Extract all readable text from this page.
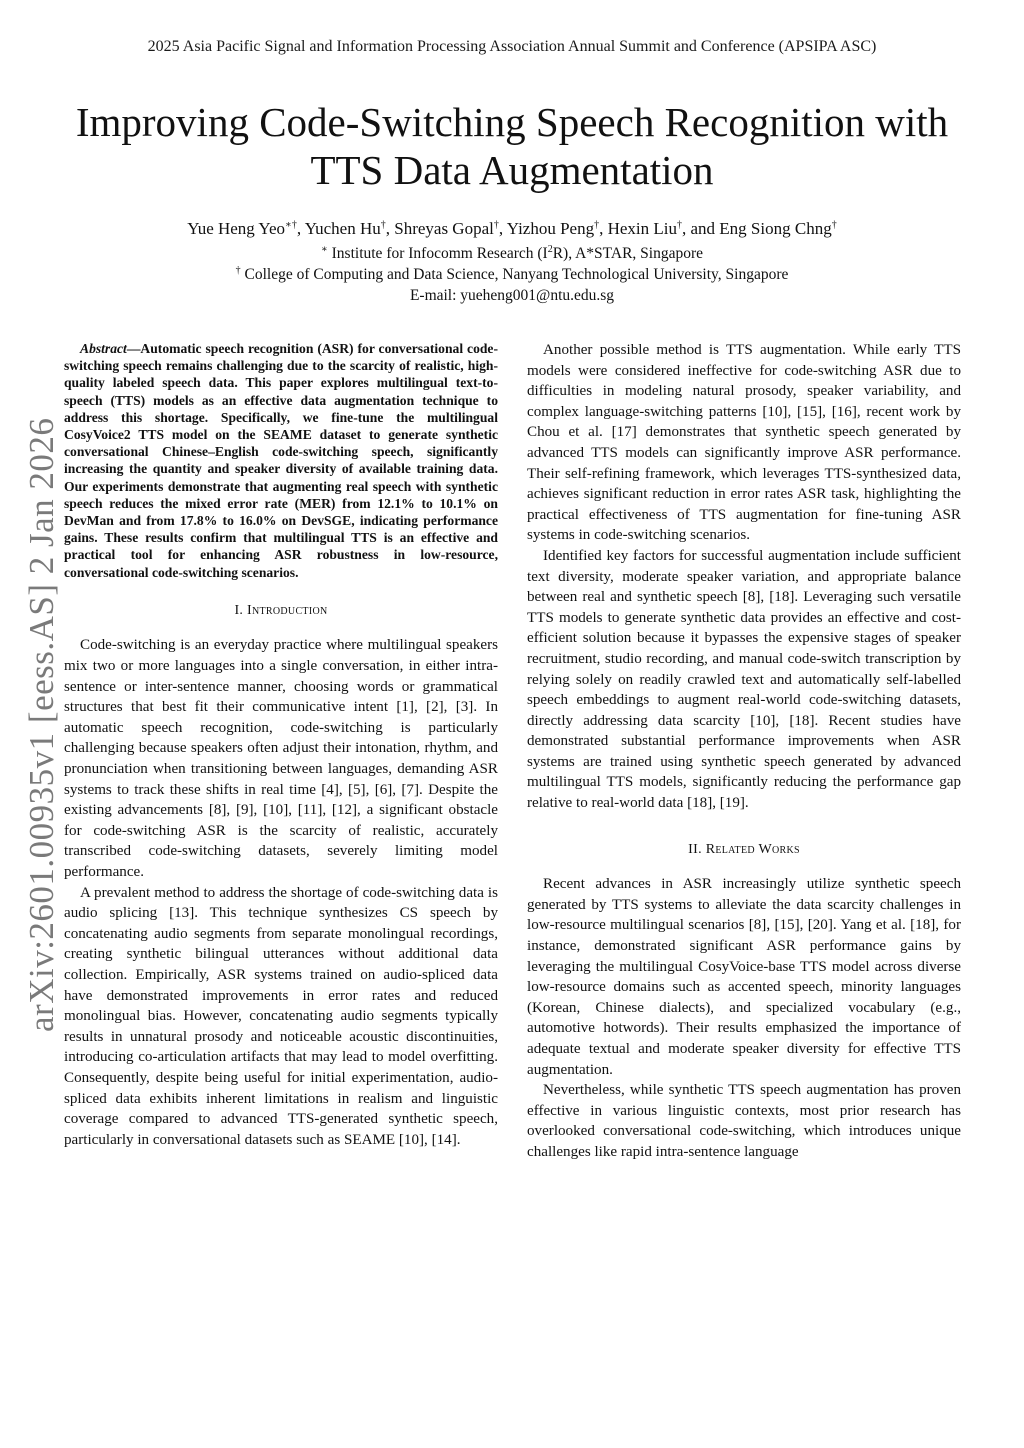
2025 Asia Pacific Signal and Information Processing Association Annual Summit and Conference (APSIPA ASC)
Improving Code-Switching Speech Recognition with TTS Data Augmentation
Yue Heng Yeo∗†, Yuchen Hu†, Shreyas Gopal†, Yizhou Peng†, Hexin Liu†, and Eng Siong Chng†
∗ Institute for Infocomm Research $(I^2R)$, A*STAR, Singapore
† College of Computing and Data Science, Nanyang Technological University, Singapore
E-mail: yueheng001@ntu.edu.sg
arXiv:2601.00935v1 [eess.AS] 2 Jan 2026

Abstract—Automatic speech recognition (ASR) for conversational code-switching speech remains challenging due to the scarcity of realistic, high-quality labeled speech data. This paper explores multilingual text-to-speech (TTS) models as an effective data augmentation technique to address this shortage. Specifically, we fine-tune the multilingual CosyVoice2 TTS model on the SEAME dataset to generate synthetic conversational Chinese–English code-switching speech, significantly increasing the quantity and speaker diversity of available training data. Our experiments demonstrate that augmenting real speech with synthetic speech reduces the mixed error rate (MER) from 12.1% to 10.1% on DevMan and from 17.8% to 16.0% on DevSGE, indicating performance gains. These results confirm that multilingual TTS is an effective and practical tool for enhancing ASR robustness in low-resource, conversational code-switching scenarios.

I. Introduction

Code-switching is an everyday practice where multilingual speakers mix two or more languages into a single conversation, in either intra-sentence or inter-sentence manner, choosing words or grammatical structures that best fit their communicative intent [1], [2], [3]. In automatic speech recognition, code-switching is particularly challenging because speakers often adjust their intonation, rhythm, and pronunciation when transitioning between languages, demanding ASR systems to track these shifts in real time [4], [5], [6], [7]. Despite the existing advancements [8], [9], [10], [11], [12], a significant obstacle for code-switching ASR is the scarcity of realistic, accurately transcribed code-switching datasets, severely limiting model performance.

A prevalent method to address the shortage of code-switching data is audio splicing [13]. This technique synthesizes CS speech by concatenating audio segments from separate monolingual recordings, creating synthetic bilingual utterances without additional data collection. Empirically, ASR systems trained on audio-spliced data have demonstrated improvements in error rates and reduced monolingual bias. However, concatenating audio segments typically results in unnatural prosody and noticeable acoustic discontinuities, introducing co-articulation artifacts that may lead to model overfitting. Consequently, despite being useful for initial experimentation, audio-spliced data exhibits inherent limitations in realism and linguistic coverage compared to advanced TTS-generated synthetic speech, particularly in conversational datasets such as SEAME [10], [14].

Another possible method is TTS augmentation. While early TTS models were considered ineffective for code-switching ASR due to difficulties in modeling natural prosody, speaker variability, and complex language-switching patterns [10], [15], [16], recent work by Chou et al. [17] demonstrates that synthetic speech generated by advanced TTS models can significantly improve ASR performance. Their self-refining framework, which leverages TTS-synthesized data, achieves significant reduction in error rates ASR task, highlighting the practical effectiveness of TTS augmentation for fine-tuning ASR systems in code-switching scenarios.

Identified key factors for successful augmentation include sufficient text diversity, moderate speaker variation, and appropriate balance between real and synthetic speech [8], [18]. Leveraging such versatile TTS models to generate synthetic data provides an effective and cost-efficient solution because it bypasses the expensive stages of speaker recruitment, studio recording, and manual code-switch transcription by relying solely on readily crawled text and automatically self-labelled speech embeddings to augment real-world code-switching datasets, directly addressing data scarcity [10], [18]. Recent studies have demonstrated substantial performance improvements when ASR systems are trained using synthetic speech generated by advanced multilingual TTS models, significantly reducing the performance gap relative to real-world data [18], [19].

II. Related Works

Recent advances in ASR increasingly utilize synthetic speech generated by TTS systems to alleviate the data scarcity challenges in low-resource multilingual scenarios [8], [15], [20]. Yang et al. [18], for instance, demonstrated significant ASR performance gains by leveraging the multilingual CosyVoice-base TTS model across diverse low-resource domains such as accented speech, minority languages (Korean, Chinese dialects), and specialized vocabulary (e.g., automotive hotwords). Their results emphasized the importance of adequate textual and moderate speaker diversity for effective TTS augmentation.

Nevertheless, while synthetic TTS speech augmentation has proven effective in various linguistic contexts, most prior research has overlooked conversational code-switching, which introduces unique challenges like rapid intra-sentence language
